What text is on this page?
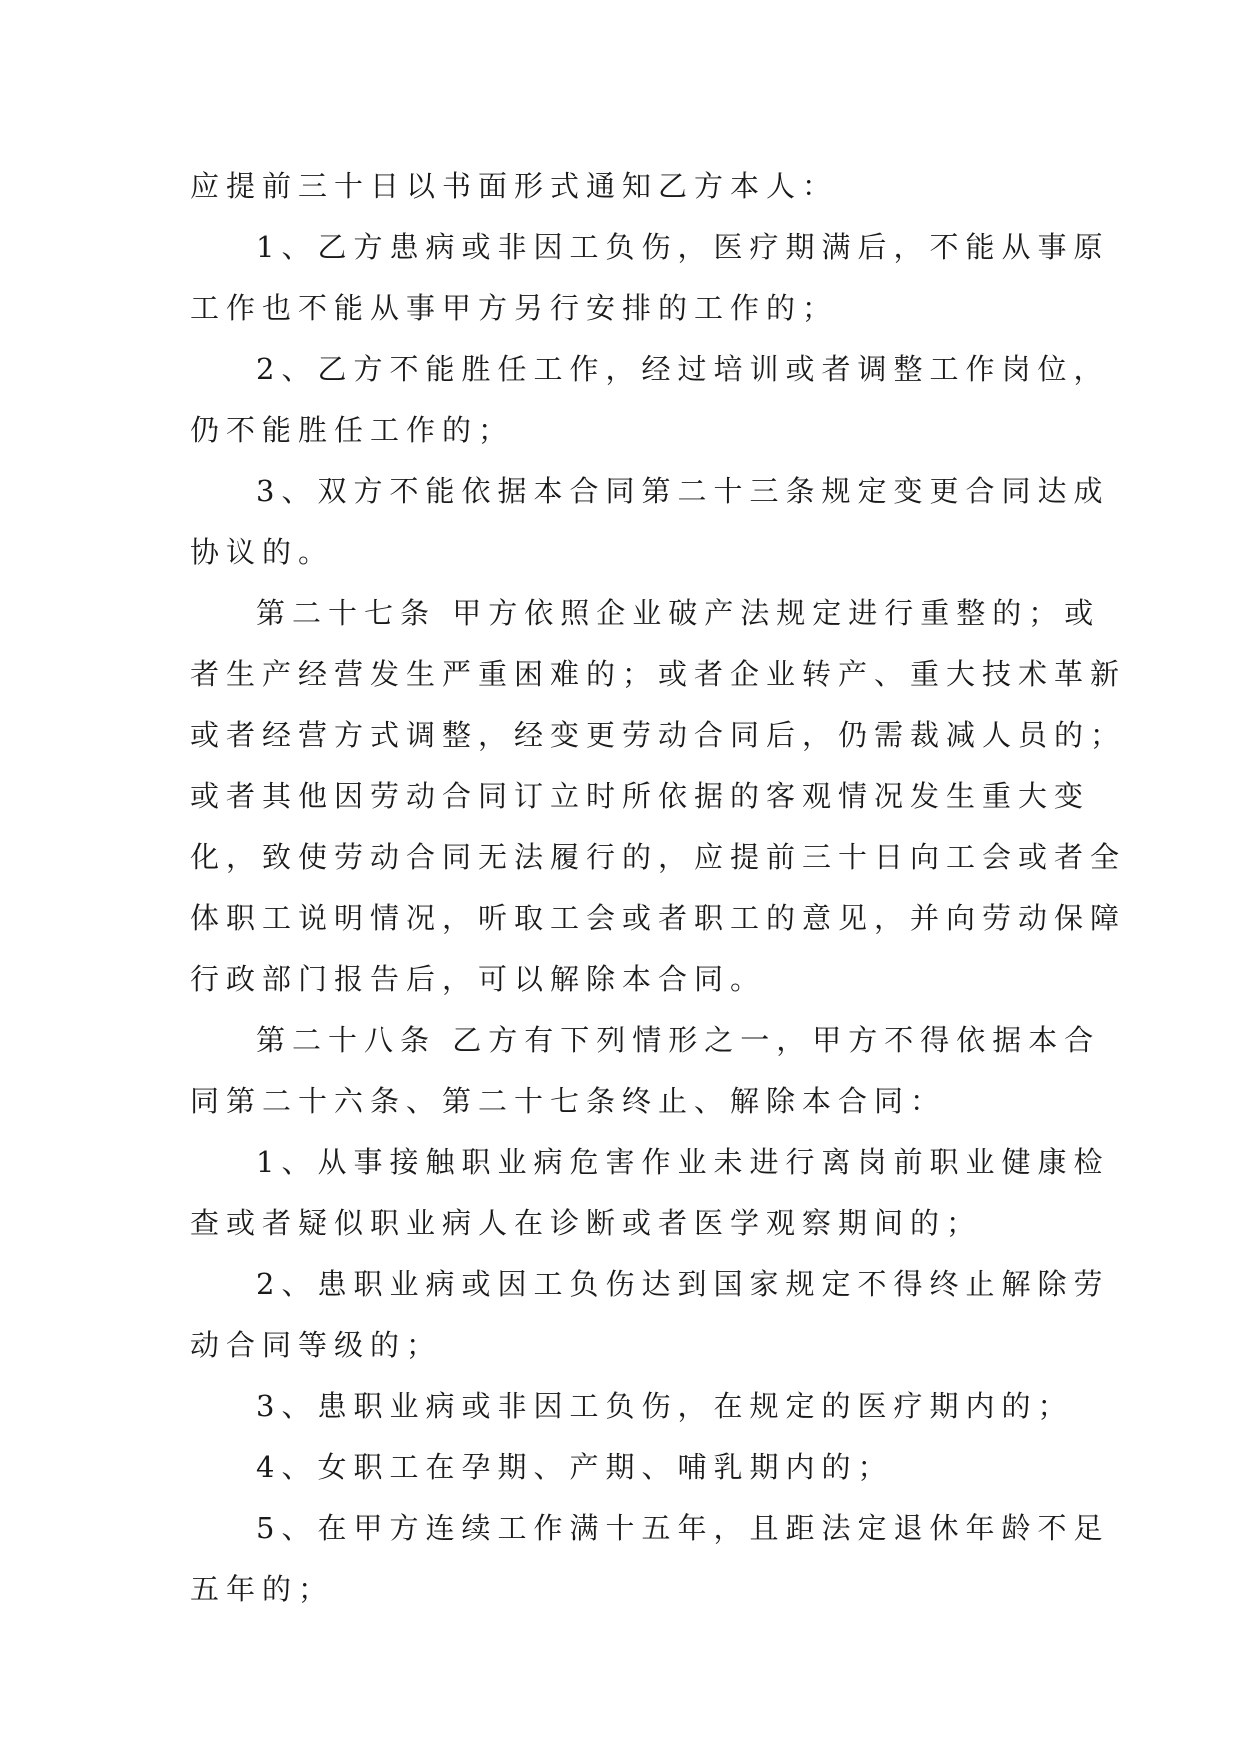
应提前三十日以书面形式通知乙方本人：
1、乙方患病或非因工负伤，医疗期满后，不能从事原
工作也不能从事甲方另行安排的工作的；
2、乙方不能胜任工作，经过培训或者调整工作岗位，
仍不能胜任工作的；
3、双方不能依据本合同第二十三条规定变更合同达成
协议的。
第二十七条 甲方依照企业破产法规定进行重整的；或
者生产经营发生严重困难的；或者企业转产、重大技术革新
或者经营方式调整，经变更劳动合同后，仍需裁减人员的；
或者其他因劳动合同订立时所依据的客观情况发生重大变
化，致使劳动合同无法履行的，应提前三十日向工会或者全
体职工说明情况，听取工会或者职工的意见，并向劳动保障
行政部门报告后，可以解除本合同。
第二十八条 乙方有下列情形之一，甲方不得依据本合
同第二十六条、第二十七条终止、解除本合同：
1、从事接触职业病危害作业未进行离岗前职业健康检
查或者疑似职业病人在诊断或者医学观察期间的；
2、患职业病或因工负伤达到国家规定不得终止解除劳
动合同等级的；
3、患职业病或非因工负伤，在规定的医疗期内的；
4、女职工在孕期、产期、哺乳期内的；
5、在甲方连续工作满十五年，且距法定退休年龄不足
五年的；
